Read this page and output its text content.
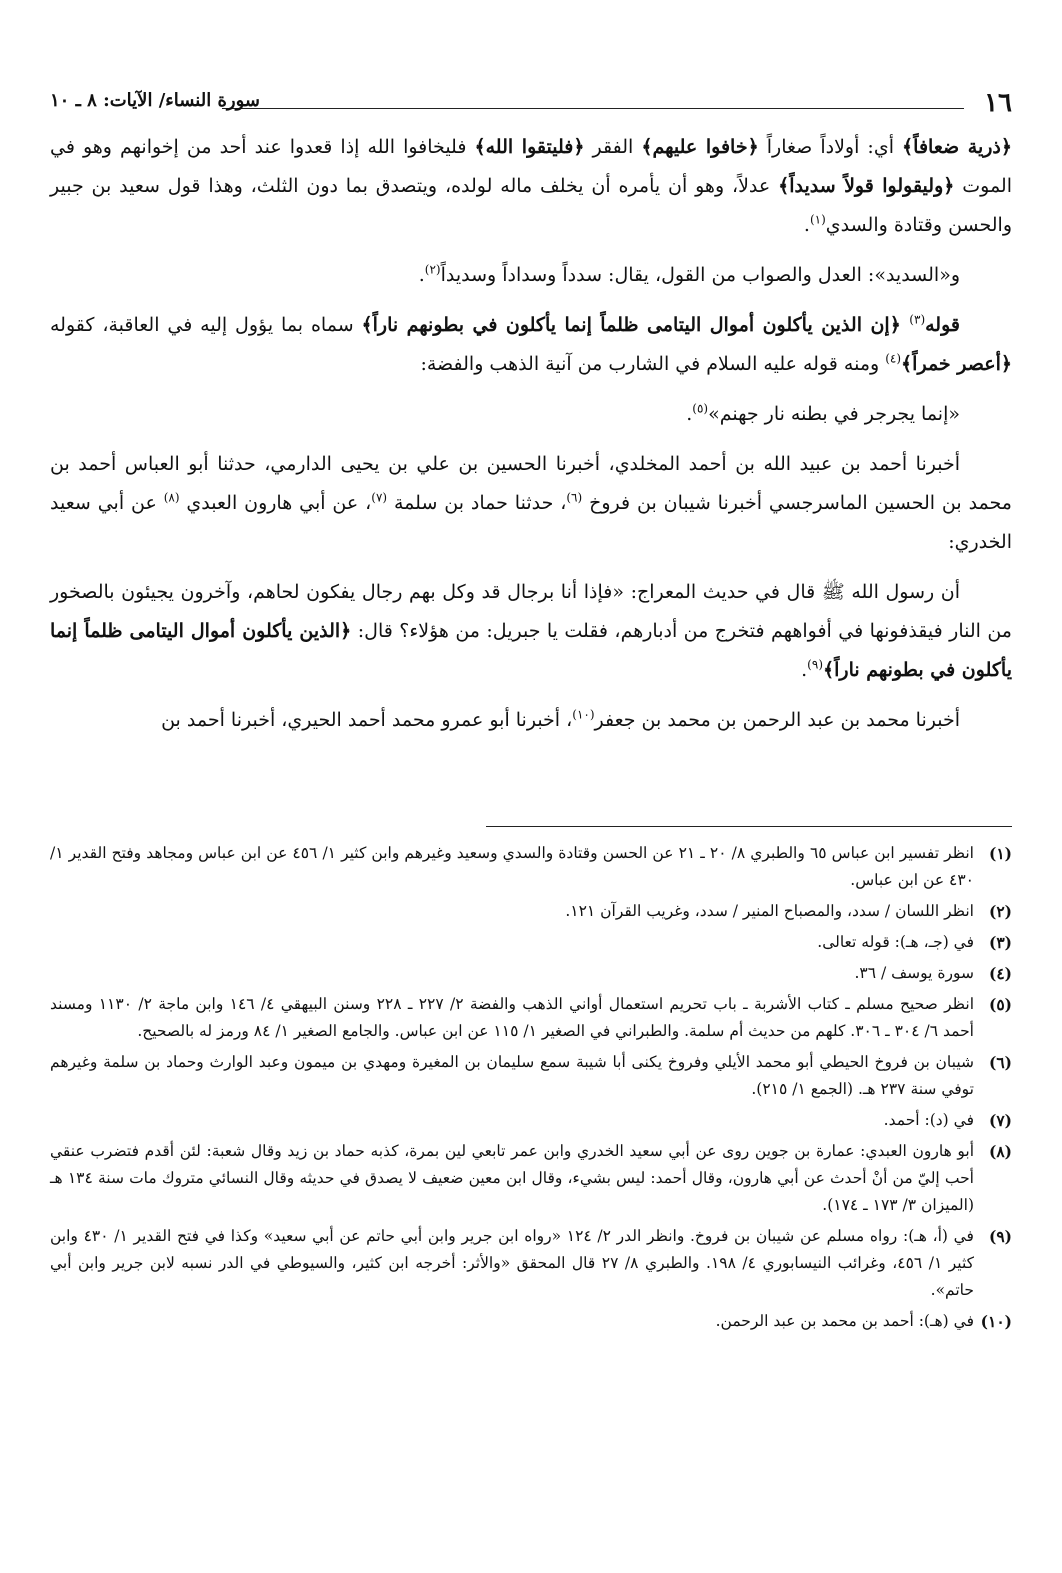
١٦
سورة النساء/ الآيات: ٨ ـ ١٠

﴿ذرية ضعافاً﴾ أي: أولاداً صغاراً ﴿خافوا عليهم﴾ الفقر ﴿فليتقوا الله﴾ فليخافوا الله إذا قعدوا عند أحد من إخوانهم وهو في الموت ﴿وليقولوا قولاً سديداً﴾ عدلاً، وهو أن يأمره أن يخلف ماله لولده، ويتصدق بما دون الثلث، وهذا قول سعيد بن جبير والحسن وقتادة والسدي$^{(١)}$.

و«السديد»: العدل والصواب من القول، يقال: سدداً وسداداً وسديداً$^{(٢)}$.

قوله$^{(٣)}$ ﴿إن الذين يأكلون أموال اليتامى ظلماً إنما يأكلون في بطونهم ناراً﴾ سماه بما يؤول إليه في العاقبة، كقوله ﴿أعصر خمراً﴾$^{(٤)}$ ومنه قوله عليه السلام في الشارب من آنية الذهب والفضة:

«إنما يجرجر في بطنه نار جهنم»$^{(٥)}$.

أخبرنا أحمد بن عبيد الله بن أحمد المخلدي، أخبرنا الحسين بن علي بن يحيى الدارمي، حدثنا أبو العباس أحمد بن محمد بن الحسين الماسرجسي أخبرنا شيبان بن فروخ $^{(٦)}$، حدثنا حماد بن سلمة $^{(٧)}$، عن أبي هارون العبدي $^{(٨)}$ عن أبي سعيد الخدري:

أن رسول الله ﷺ قال في حديث المعراج: «فإذا أنا برجال قد وكل بهم رجال يفكون لحاهم، وآخرون يجيئون بالصخور من النار فيقذفونها في أفواههم فتخرج من أدبارهم، فقلت يا جبريل: من هؤلاء؟ قال: ﴿الذين يأكلون أموال اليتامى ظلماً إنما يأكلون في بطونهم ناراً﴾$^{(٩)}$.

أخبرنا محمد بن عبد الرحمن بن محمد بن جعفر$^{(١٠)}$، أخبرنا أبو عمرو محمد أحمد الحيري، أخبرنا أحمد بن

(١)
انظر تفسير ابن عباس ٦٥ والطبري ٨/ ٢٠ ـ ٢١ عن الحسن وقتادة والسدي وسعيد وغيرهم وابن كثير ١/ ٤٥٦ عن ابن عباس ومجاهد وفتح القدير ١/ ٤٣٠ عن ابن عباس.
(٢)
انظر اللسان / سدد، والمصباح المنير / سدد، وغريب القرآن ١٢١.
(٣)
في (جـ، هـ): قوله تعالى.
(٤)
سورة يوسف / ٣٦.
(٥)
انظر صحيح مسلم ـ كتاب الأشربة ـ باب تحريم استعمال أواني الذهب والفضة ٢/ ٢٢٧ ـ ٢٢٨ وسنن البيهقي ٤/ ١٤٦ وابن ماجة ٢/ ١١٣٠ ومسند أحمد ٦/ ٣٠٤ ـ ٣٠٦. كلهم من حديث أم سلمة. والطبراني في الصغير ١/ ١١٥ عن ابن عباس. والجامع الصغير ١/ ٨٤ ورمز له بالصحيح.
(٦)
شيبان بن فروخ الحيطي أبو محمد الأيلي وفروخ يكنى أبا شيبة سمع سليمان بن المغيرة ومهدي بن ميمون وعبد الوارث وحماد بن سلمة وغيرهم توفي سنة ٢٣٧ هـ. (الجمع ١/ ٢١٥).
(٧)
في (د): أحمد.
(٨)
أبو هارون العبدي: عمارة بن جوين روى عن أبي سعيد الخدري وابن عمر تابعي لين بمرة، كذبه حماد بن زيد وقال شعبة: لئن أقدم فتضرب عنقي أحب إليّ من أنْ أحدث عن أبي هارون، وقال أحمد: ليس بشيء، وقال ابن معين ضعيف لا يصدق في حديثه وقال النسائي متروك مات سنة ١٣٤ هـ (الميزان ٣/ ١٧٣ ـ ١٧٤).
(٩)
في (أ، هـ): رواه مسلم عن شيبان بن فروخ. وانظر الدر ٢/ ١٢٤ «رواه ابن جرير وابن أبي حاتم عن أبي سعيد» وكذا في فتح القدير ١/ ٤٣٠ وابن كثير ١/ ٤٥٦، وغرائب النيسابوري ٤/ ١٩٨. والطبري ٨/ ٢٧ قال المحقق «والأثر: أخرجه ابن كثير، والسيوطي في الدر نسبه لابن جرير وابن أبي حاتم».
(١٠)
في (هـ): أحمد بن محمد بن عبد الرحمن.
